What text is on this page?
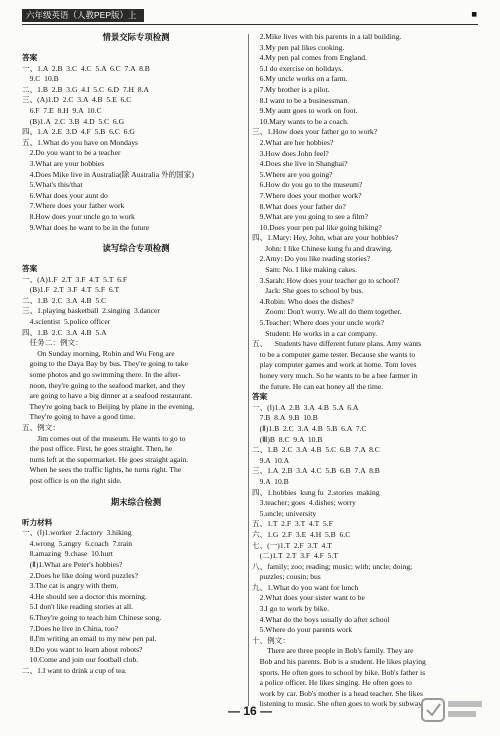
六年级英语（人教PEP版）上	■
情景交际专项检测
答案
一、1.A  2.B  3.C  4.C  5.A  6.C  7.A  8.B
9.C  10.B
二、1.B  2.B  3.G  4.I  5.C  6.D  7.H  8.A
三、(A)1.D  2.C  3.A  4.B  5.E  6.C
6.F  7.E  8.H  9.A  10.C
(B)1.A  2.C  3.B  4.D  5.C  6.G
四、1.A  2.E  3.D  4.F  5.B  6.C  6.G
五、1.What do you have on Mondays
2.Do you want to be a teacher
3.What are your hobbies
4.Does Mike live in Australia(除 Australia 外的国家)
5.What's this/that
6.What does your aunt do
7.Where does your father work
8.How does your uncle go to work
9.What does he want to be in the future
读写综合专项检测
答案
一、(A)1.F  2.T  3.F  4.T  5.T  6.F
(B)1.F  2.T  3.F  4.T  5.F  6.T
二、1.B  2.C  3.A  4.B  5.C
三、1.playing basketball  2.singing  3.dancer
4.scientist  5.police officer
四、1.B  2.C  3.A  4.B  5.A
任务二：例文：
On Sunday morning, Robin and Wu Feng are
going to the Daya Bay by bus. They're going to take
some photos and go swimming there. In the after-
noon, they're going to the seafood market, and they
are going to have a big dinner at a seafood restaurant.
They're going back to Beijing by plane in the evening.
They're going to have a good time.
五、例文：
Jim comes out of the museum. He wants to go to
the post office. First, he goes straight. Then, he
turns left at the supermarket. He goes straight again.
When he sees the traffic lights, he turns right. The
post office is on the right side.
期末综合检测
听力材料
一、(Ⅰ)1.worker  2.factory  3.hiking
4.wrong  5.angry  6.coach  7.train
8.amazing  9.chase  10.hurt
(Ⅱ)1.What are Peter's hobbies?
2.Does he like doing word puzzles?
3.The cat is angry with them.
4.He should see a doctor this morning.
5.I don't like reading stories at all.
6.They're going to teach him Chinese song.
7.Does he live in China, too?
8.I'm writing an email to my new pen pal.
9.Do you want to learn about robots?
10.Come and join our football club.
二、1.I want to drink a cup of tea.
2.Mike lives with his parents in a tall building.
3.My pen pal likes cooking.
4.My pen pal comes from England.
5.I do exercise on holidays.
6.My uncle works on a farm.
7.My brother is a pilot.
8.I want to be a businessman.
9.My aunt goes to work on foot.
10.Mary wants to be a coach.
三、1.How does your father go to work?
2.What are her hobbies?
3.How does John feel?
4.Does she live in Shanghai?
5.Where are you going?
6.How do you go to the museum?
7.Where does your mother work?
8.What does your father do?
9.What are you going to see a film?
10.Does your pen pal like going hiking?
四、1.Mary: Hey, John, what are your hobbies?
John: I like Chinese kung fu and drawing.
2.Amy: Do you like reading stories?
Sam: No. I like making cakes.
3.Sarah: How does your teacher go to school?
Jack: She goes to school by bus.
4.Robin: Who does the dishes?
Zoom: Don't worry. We all do them together.
5.Teacher: Where does your uncle work?
Student: He works in a car company.
五、    Students have different future plans. Amy wants
to be a computer game tester. Because she wants to
play computer games and work at home. Tom loves
honey very much. So he wants to be a bee farmer in
the future. He can eat honey all the time.
答案
一、(Ⅰ)1.A  2.B  3.A  4.B  5.A  6.A
7.B  8.A  9.B  10.B
(Ⅱ)1.B  2.C  3.A  4.B  5.B  6.A  7.C
(Ⅲ)B  8.C  9.A  10.B
二、1.B  2.C  3.A  4.B  5.C  6.B  7.A  8.C
9.A  10.A
三、1.A  2.B  3.A  4.C  5.B  6.B  7.A  8.B
9.A  10.B
四、1.hobbies  kung fu  2.stories  making
3.teacher; goes  4.dishes; worry
5.uncle; university
五、1.T  2.F  3.T  4.T  5.F
六、1.G  2.F  3.E  4.H  5.B  6.C
七、(一)1.T  2.F  3.T  4.T
(二)1.T  2.T  3.F  4.F  5.T
八、family; zoo; reading; music; with; uncle; doing;
puzzles; cousin; bus
九、1.What do you want for lunch
2.What does your sister want to be
3.I go to work by bike.
4.What do the boys usually do after school
5.Where do your parents work
十、例文：
There are three people in Bob's family. They are
Bob and his parents. Bob is a student. He likes playing
sports. He often goes to school by bike. Bob's father is
a police officer. He likes singing. He often goes to
work by car. Bob's mother is a head teacher. She likes
listening to music. She often goes to work by subway.
— 16 —
